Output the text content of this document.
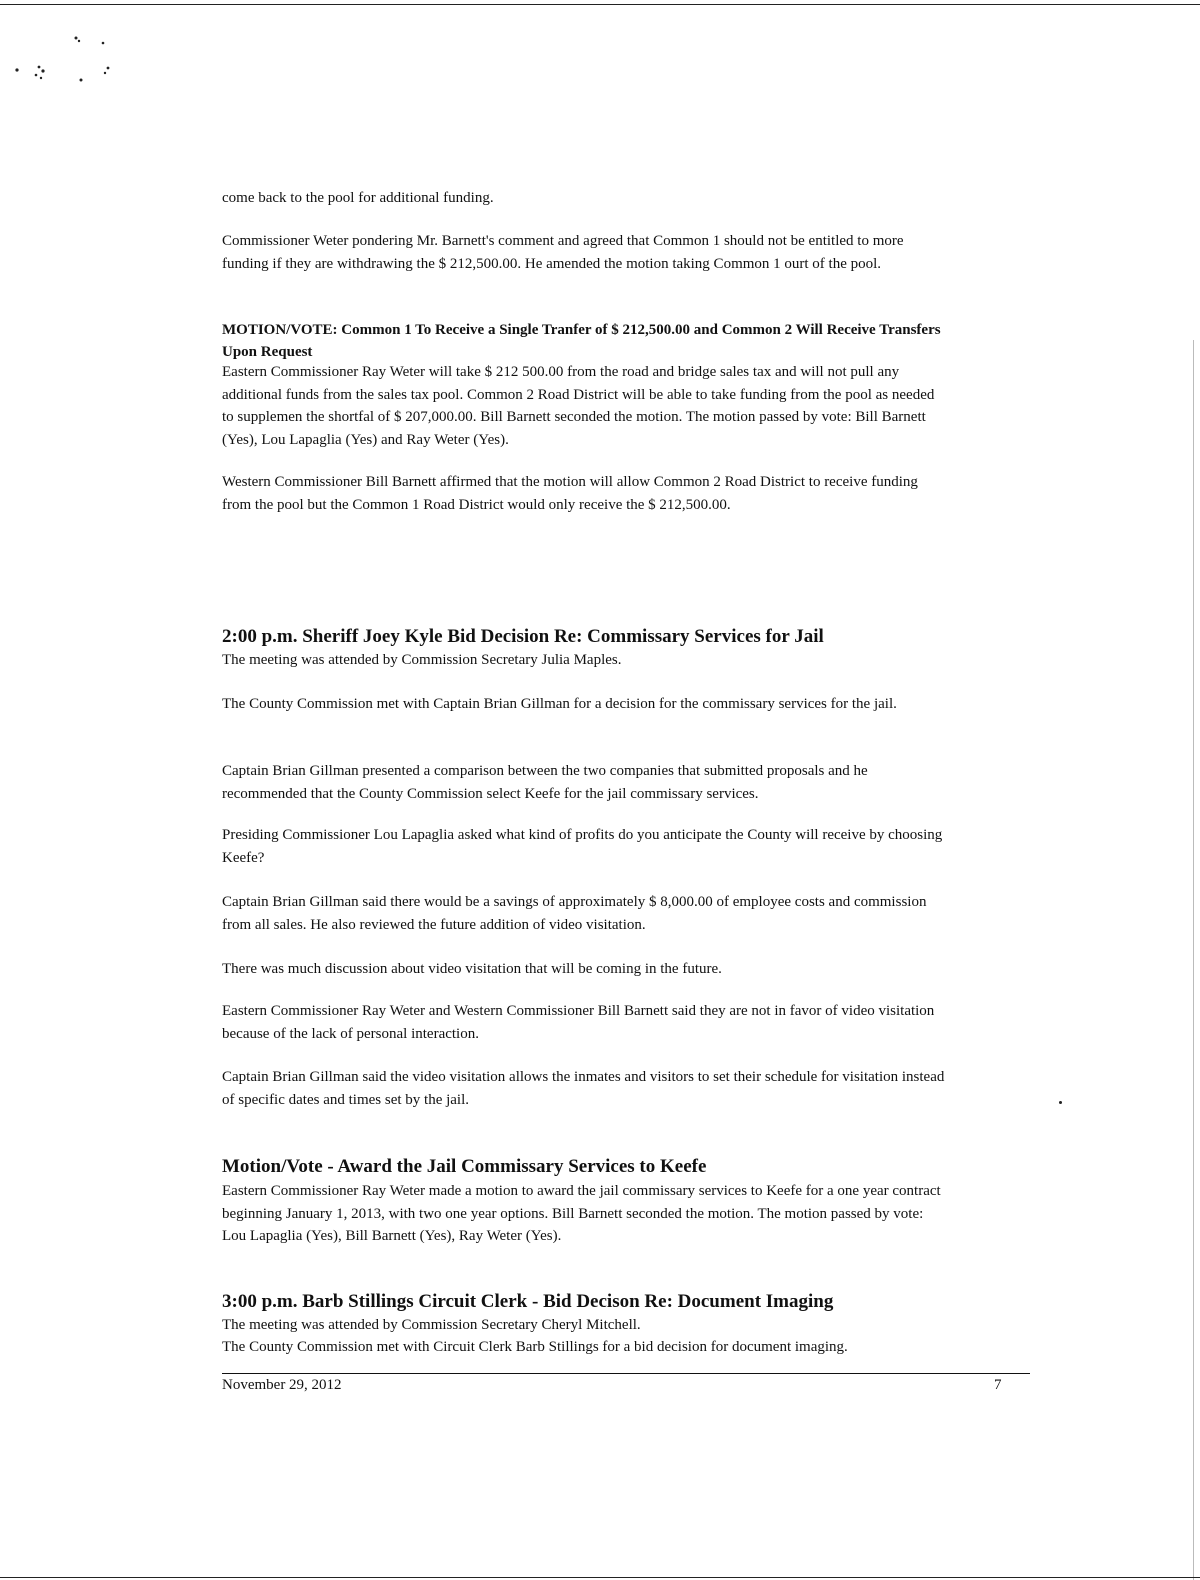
come back to the pool for additional funding.

Commissioner Weter pondering Mr. Barnett's comment and agreed that Common 1 should not be entitled to more funding if they are withdrawing the $ 212,500.00. He amended the motion taking Common 1 ourt of the pool.

MOTION/VOTE: Common 1 To Receive a Single Tranfer of $ 212,500.00 and Common 2 Will Receive Transfers Upon Request

Eastern Commissioner Ray Weter will take $ 212 500.00 from the road and bridge sales tax and will not pull any additional funds from the sales tax pool. Common 2 Road District will be able to take funding from the pool as needed to supplemen the shortfal of $ 207,000.00. Bill Barnett seconded the motion. The motion passed by vote: Bill Barnett (Yes), Lou Lapaglia (Yes) and Ray Weter (Yes).

Western Commissioner Bill Barnett affirmed that the motion will allow Common 2 Road District to receive funding from the pool but the Common 1 Road District would only receive the $ 212,500.00.

2:00 p.m. Sheriff Joey Kyle Bid Decision Re: Commissary Services for Jail

The meeting was attended by Commission Secretary Julia Maples.

The County Commission met with Captain Brian Gillman for a decision for the commissary services for the jail.

Captain Brian Gillman presented a comparison between the two companies that submitted proposals and he recommended that the County Commission select Keefe for the jail commissary services.

Presiding Commissioner Lou Lapaglia asked what kind of profits do you anticipate the County will receive by choosing Keefe?

Captain Brian Gillman said there would be a savings of approximately $ 8,000.00 of employee costs and commission from all sales. He also reviewed the future addition of video visitation.

There was much discussion about video visitation that will be coming in the future.

Eastern Commissioner Ray Weter and Western Commissioner Bill Barnett said they are not in favor of video visitation because of the lack of personal interaction.

Captain Brian Gillman said the video visitation allows the inmates and visitors to set their schedule for visitation instead of specific dates and times set by the jail.

Motion/Vote - Award the Jail Commissary Services to Keefe

Eastern Commissioner Ray Weter made a motion to award the jail commissary services to Keefe for a one year contract beginning January 1, 2013, with two one year options. Bill Barnett seconded the motion. The motion passed by vote: Lou Lapaglia (Yes), Bill Barnett (Yes), Ray Weter (Yes).

3:00 p.m. Barb Stillings Circuit Clerk - Bid Decison Re: Document Imaging

The meeting was attended by Commission Secretary Cheryl Mitchell.

The County Commission met with Circuit Clerk Barb Stillings for a bid decision for document imaging.

November 29, 2012	7
